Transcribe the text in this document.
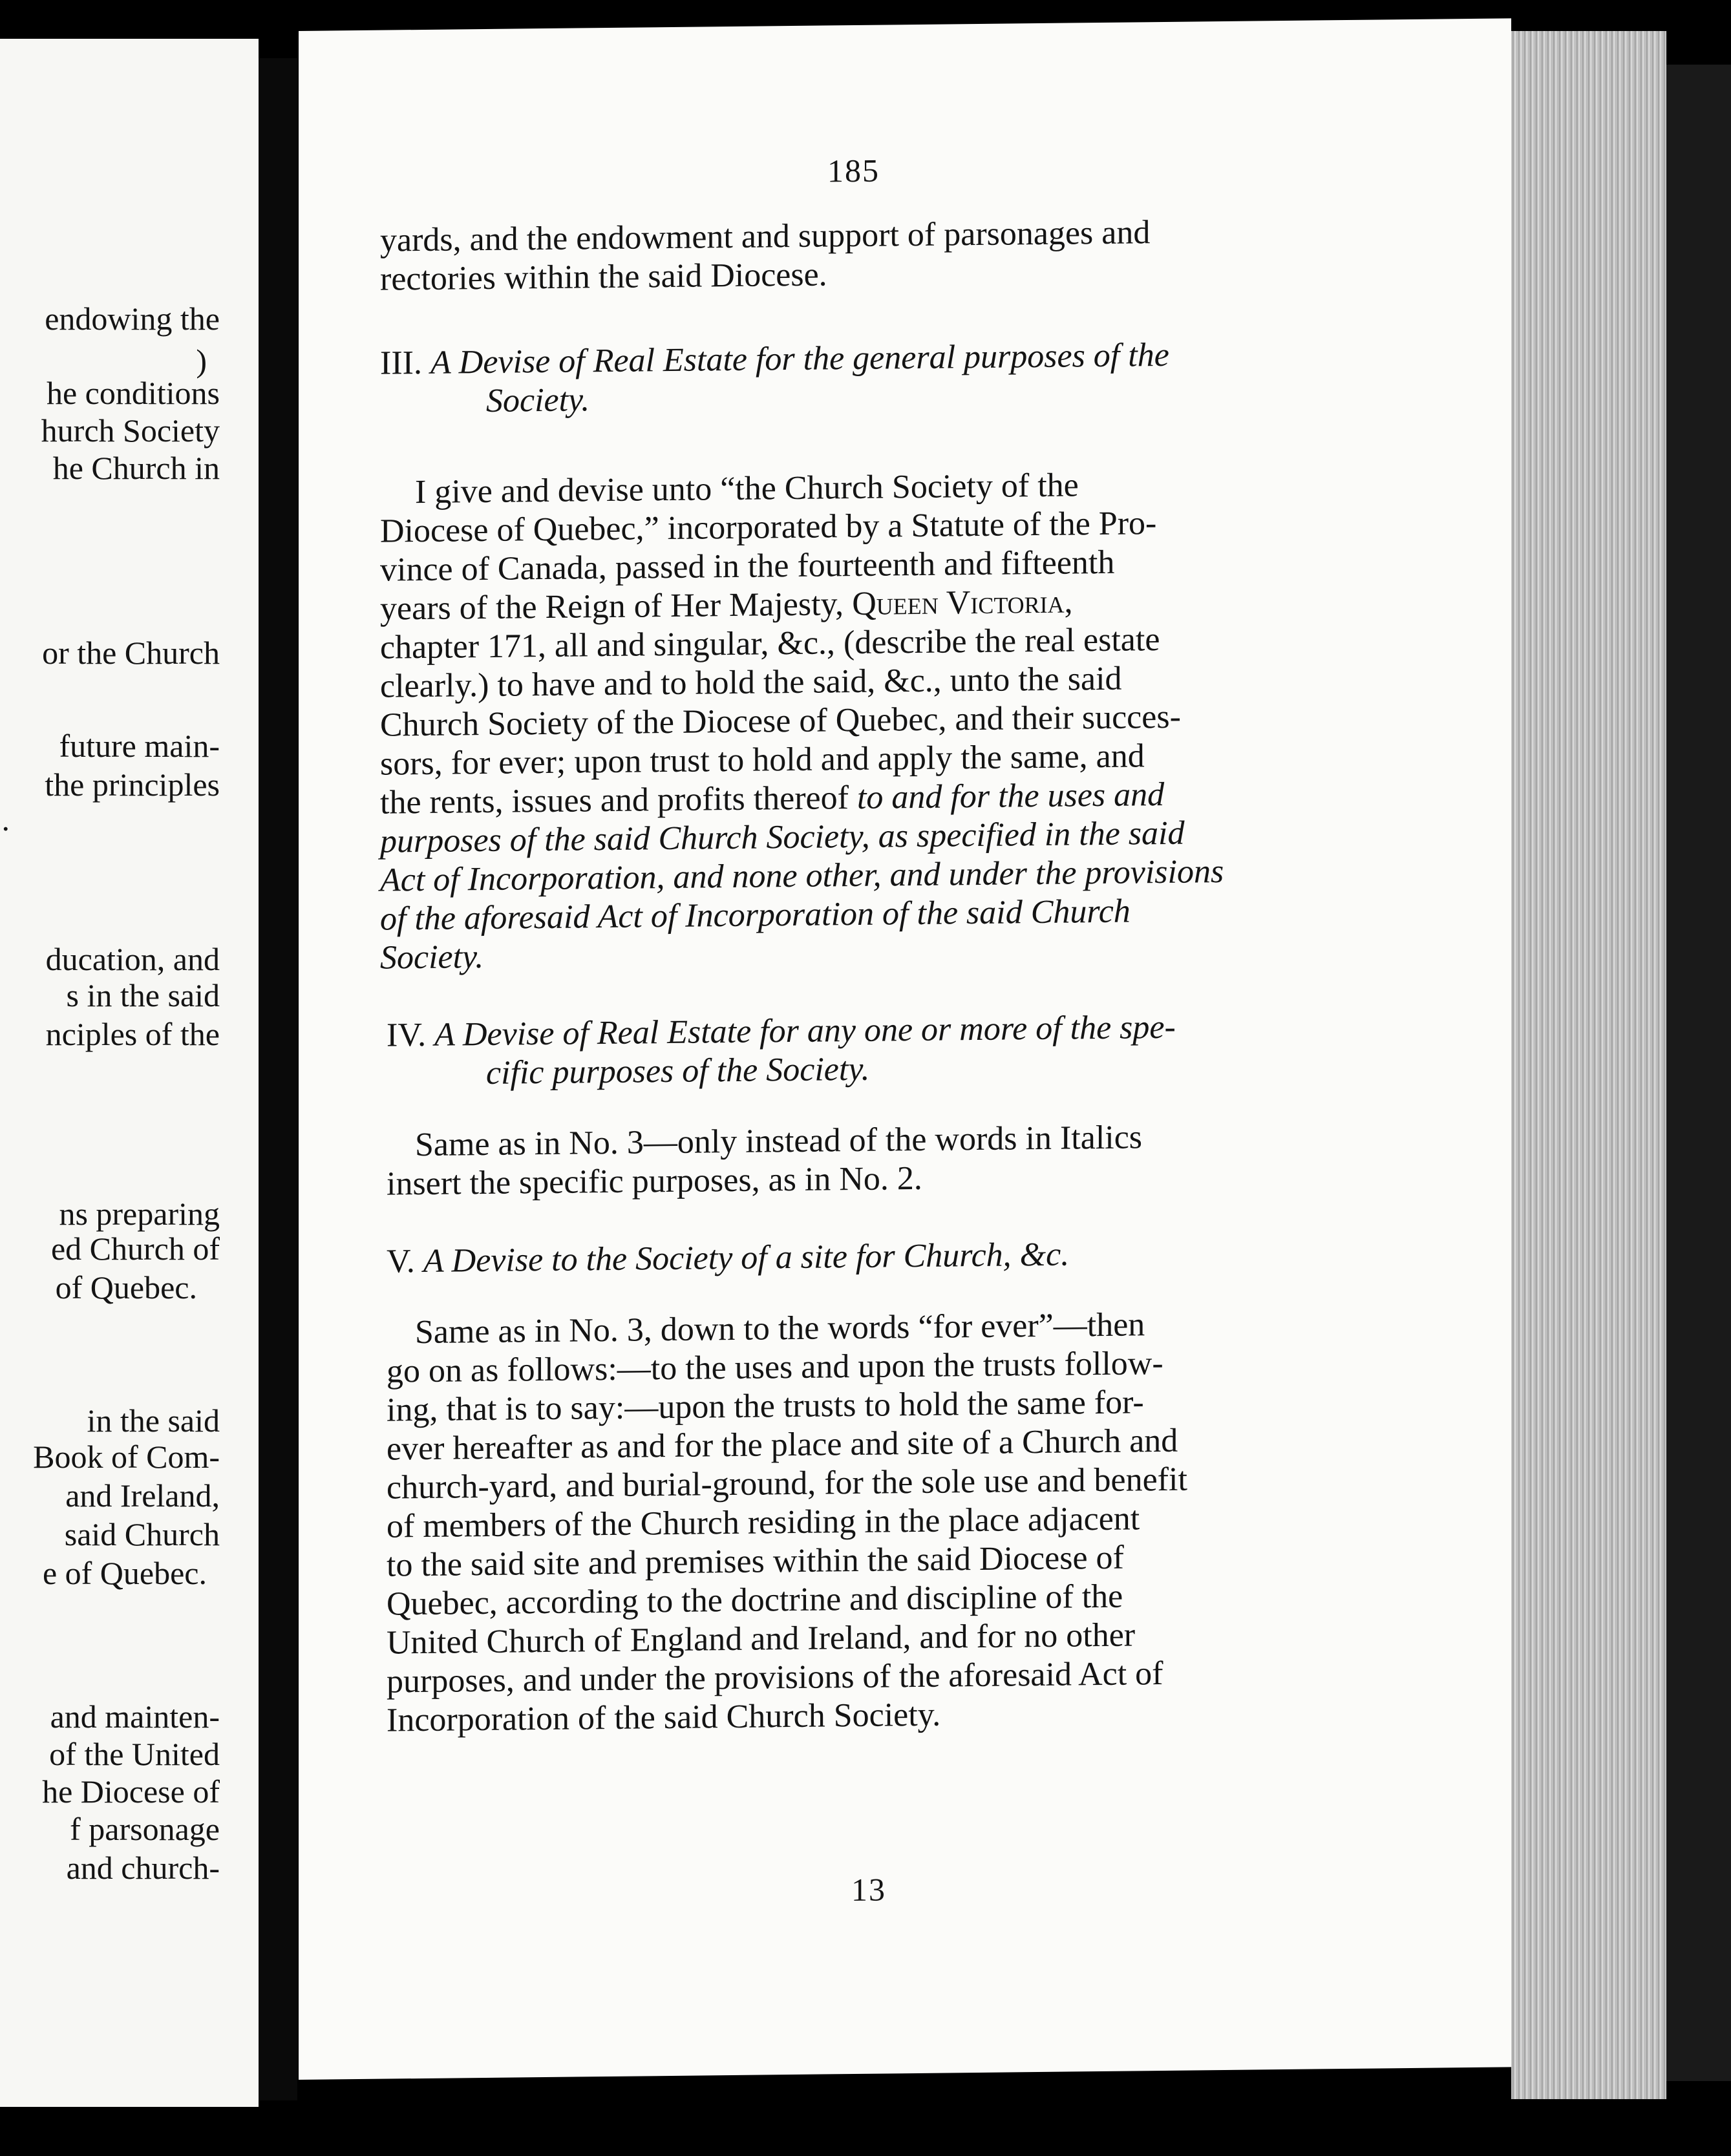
endowing the
)
he conditions
hurch Society
he Church in
or the Church
future main-
the principles
.
ducation, and
s in the said
nciples of the
ns preparing
ed Church of
of Quebec.
in the said
Book of Com-
and Ireland,
said Church
e of Quebec.
and mainten-
of the United
he Diocese of
f parsonage
and church-
185
yards, and the endowment and support of parsonages and
rectories within the said Diocese.
III. A Devise of Real Estate for the general purposes of the
Society.
I give and devise unto “the Church Society of the
Diocese of Quebec,” incorporated by a Statute of the Pro-
vince of Canada, passed in the fourteenth and fifteenth
years of the Reign of Her Majesty, Queen Victoria,
chapter 171, all and singular, &c., (describe the real estate
clearly.) to have and to hold the said, &c., unto the said
Church Society of the Diocese of Quebec, and their succes-
sors, for ever; upon trust to hold and apply the same, and
the rents, issues and profits thereof to and for the uses and
purposes of the said Church Society, as specified in the said
Act of Incorporation, and none other, and under the provisions
of the aforesaid Act of Incorporation of the said Church
Society.
IV. A Devise of Real Estate for any one or more of the spe-
cific purposes of the Society.
Same as in No. 3—only instead of the words in Italics
insert the specific purposes, as in No. 2.
V. A Devise to the Society of a site for Church, &c.
Same as in No. 3, down to the words “for ever”—then
go on as follows:—to the uses and upon the trusts follow-
ing, that is to say:—upon the trusts to hold the same for-
ever hereafter as and for the place and site of a Church and
church-yard, and burial-ground, for the sole use and benefit
of members of the Church residing in the place adjacent
to the said site and premises within the said Diocese of
Quebec, according to the doctrine and discipline of the
United Church of England and Ireland, and for no other
purposes, and under the provisions of the aforesaid Act of
Incorporation of the said Church Society.
13
